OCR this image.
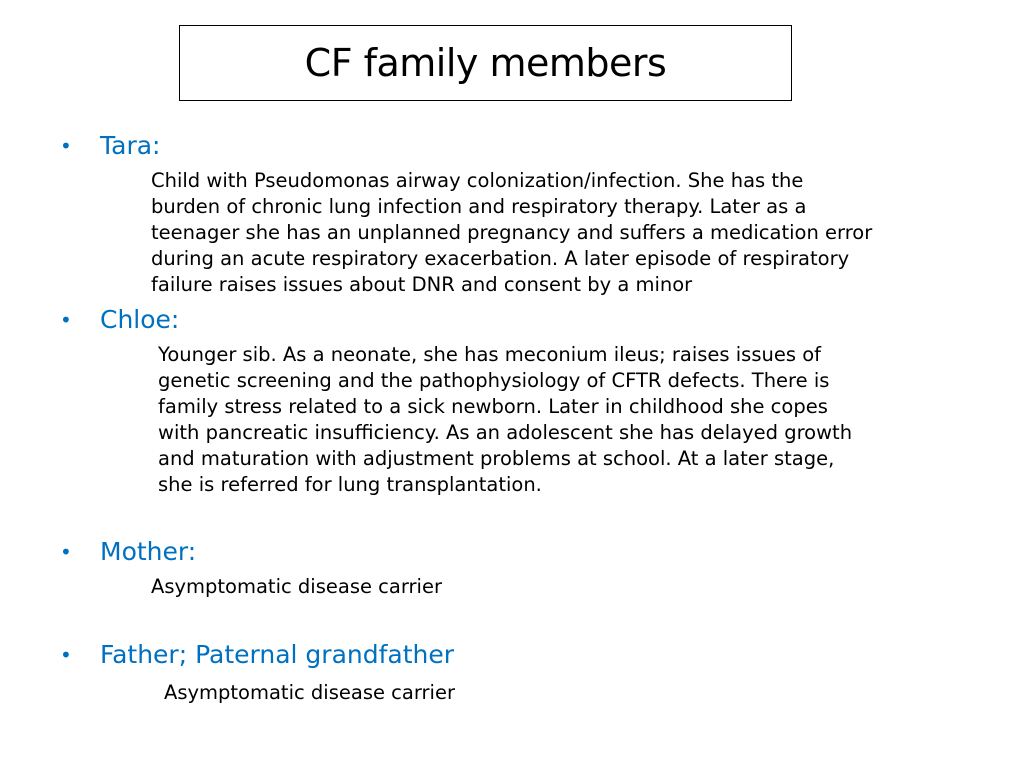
CF family members
• Tara:
Child with Pseudomonas airway colonization/infection. She has the
burden of chronic lung infection and respiratory therapy. Later as a
teenager she has an unplanned pregnancy and suffers a medication error
during an acute respiratory exacerbation. A later episode of respiratory
failure raises issues about DNR and consent by a minor
• Chloe:
Younger sib. As a neonate, she has meconium ileus; raises issues of
genetic screening and the pathophysiology of CFTR defects. There is
family stress related to a sick newborn. Later in childhood she copes
with pancreatic insufficiency. As an adolescent she has delayed growth
and maturation with adjustment problems at school. At a later stage,
she is referred for lung transplantation.
• Mother:
Asymptomatic disease carrier
• Father; Paternal grandfather
Asymptomatic disease carrier
